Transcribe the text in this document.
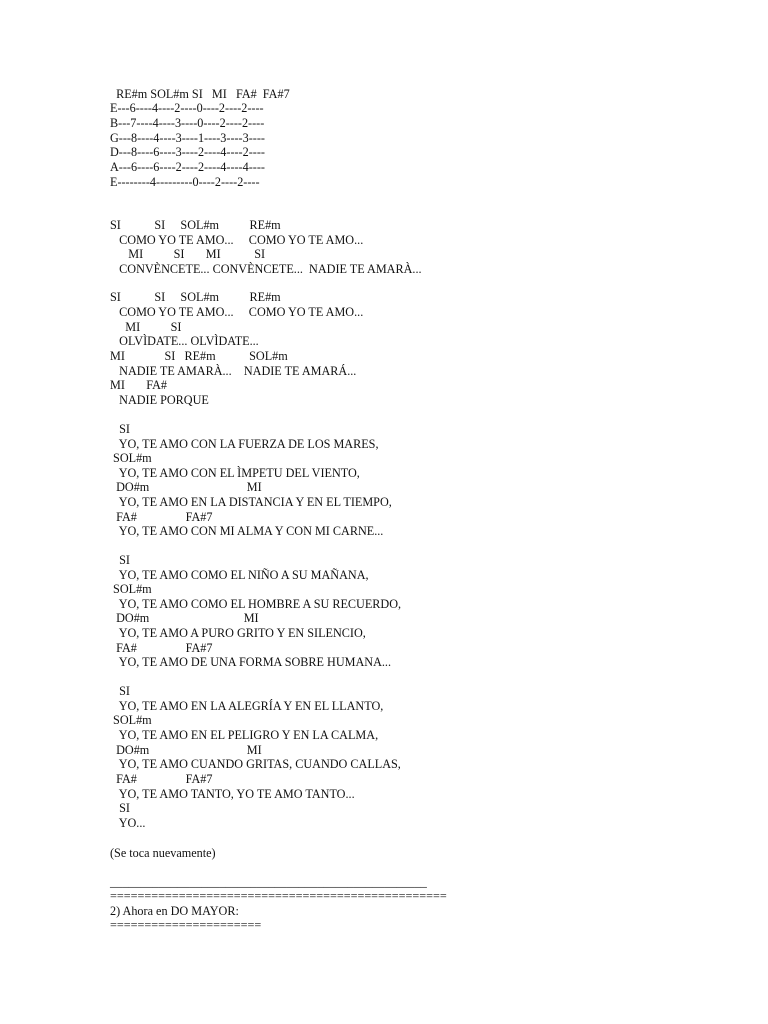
RE#m SOL#m SI   MI   FA#  FA#7

E---6----4----2----0----2----2----

B---7----4----3----0----2----2----

G---8----4----3----1----3----3----

D---8----6----3----2----4----2----

A---6----6----2----2----4----4----

E--------4---------0----2----2----

SI           SI     SOL#m          RE#m

COMO YO TE AMO...     COMO YO TE AMO...

MI          SI       MI           SI

CONVÈNCETE... CONVÈNCETE...  NADIE TE AMARÀ...

SI           SI     SOL#m          RE#m

COMO YO TE AMO...     COMO YO TE AMO...

MI          SI

OLVÌDATE... OLVÌDATE...

MI             SI   RE#m           SOL#m

NADIE TE AMARÀ...    NADIE TE AMARÁ...

MI       FA#

NADIE PORQUE

SI

YO, TE AMO CON LA FUERZA DE LOS MARES,

SOL#m

YO, TE AMO CON EL ÌMPETU DEL VIENTO,

DO#m                                MI

YO, TE AMO EN LA DISTANCIA Y EN EL TIEMPO,

FA#                FA#7

YO, TE AMO CON MI ALMA Y CON MI CARNE...

SI

YO, TE AMO COMO EL NIÑO A SU MAÑANA,

SOL#m

YO, TE AMO COMO EL HOMBRE A SU RECUERDO,

DO#m                               MI

YO, TE AMO A PURO GRITO Y EN SILENCIO,

FA#                FA#7

YO, TE AMO DE UNA FORMA SOBRE HUMANA...

SI

YO, TE AMO EN LA ALEGRÍA Y EN EL LLANTO,

SOL#m

YO, TE AMO EN EL PELIGRO Y EN LA CALMA,

DO#m                                MI

YO, TE AMO CUANDO GRITAS, CUANDO CALLAS,

FA#                FA#7

YO, TE AMO TANTO, YO TE AMO TANTO...

SI

YO...

(Se toca nuevamente)

____________________________________________________

=================================================

2) Ahora en DO MAYOR:

======================
